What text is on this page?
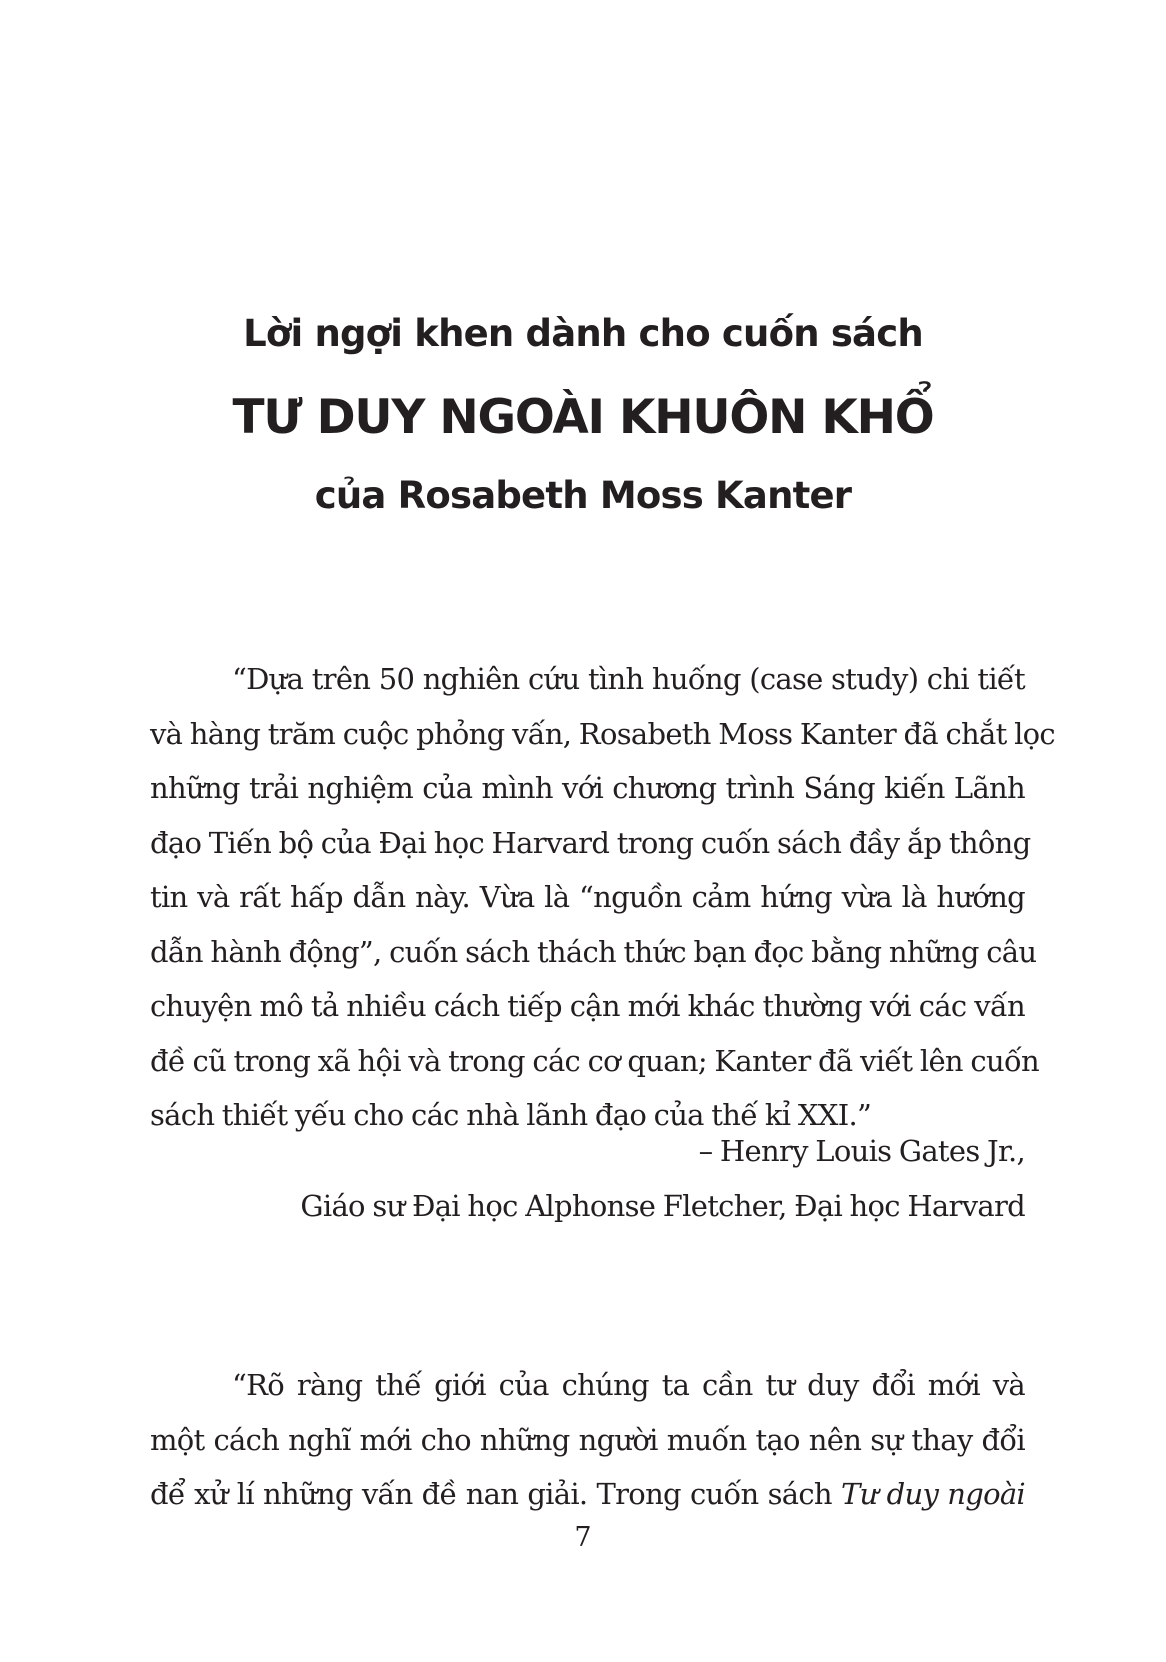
Lời ngợi khen dành cho cuốn sách
TƯ DUY NGOÀI KHUÔN KHỔ
của Rosabeth Moss Kanter
“Dựa trên 50 nghiên cứu tình huống (case study) chi tiết
và hàng trăm cuộc phỏng vấn, Rosabeth Moss Kanter đã chắt lọc
những trải nghiệm của mình với chương trình Sáng kiến Lãnh
đạo Tiến bộ của Đại học Harvard trong cuốn sách đầy ắp thông
tin và rất hấp dẫn này. Vừa là “nguồn cảm hứng vừa là hướng
dẫn hành động”, cuốn sách thách thức bạn đọc bằng những câu
chuyện mô tả nhiều cách tiếp cận mới khác thường với các vấn
đề cũ trong xã hội và trong các cơ quan; Kanter đã viết lên cuốn
sách thiết yếu cho các nhà lãnh đạo của thế kỉ XXI.”
– Henry Louis Gates Jr.,
Giáo sư Đại học Alphonse Fletcher, Đại học Harvard
“Rõ ràng thế giới của chúng ta cần tư duy đổi mới và
một cách nghĩ mới cho những người muốn tạo nên sự thay đổi
để xử lí những vấn đề nan giải. Trong cuốn sách Tư duy ngoài
7
